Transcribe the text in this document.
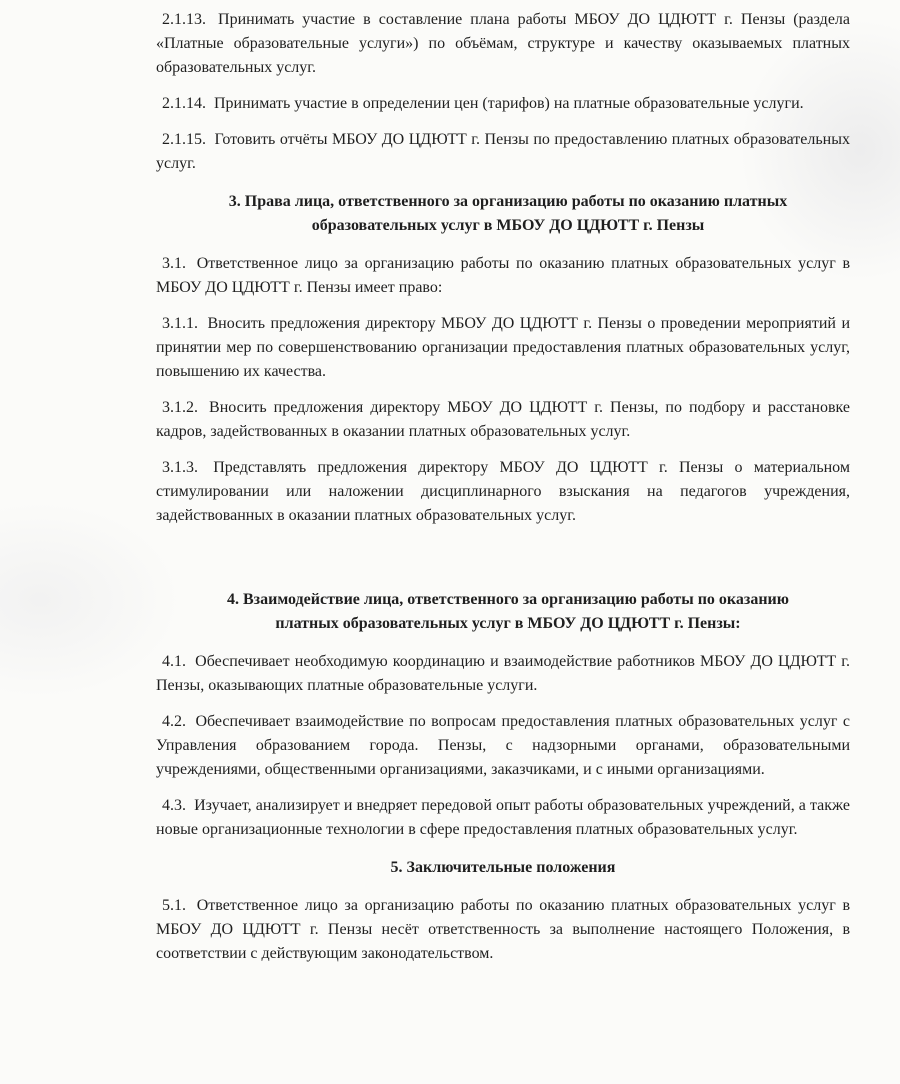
2.1.13. Принимать участие в составление плана работы МБОУ ДО ЦДЮТТ г. Пензы (раздела «Платные образовательные услуги») по объёмам, структуре и качеству оказываемых платных образовательных услуг.

2.1.14. Принимать участие в определении цен (тарифов) на платные образовательные услуги.

2.1.15. Готовить отчёты МБОУ ДО ЦДЮТТ г. Пензы по предоставлению платных образовательных услуг.

3. Права лица, ответственного за организацию работы по оказанию платных
образовательных услуг в МБОУ ДО ЦДЮТТ г. Пензы

3.1. Ответственное лицо за организацию работы по оказанию платных образовательных услуг в МБОУ ДО ЦДЮТТ г. Пензы имеет право:

3.1.1. Вносить предложения директору МБОУ ДО ЦДЮТТ г. Пензы о проведении мероприятий и принятии мер по совершенствованию организации предоставления платных образовательных услуг, повышению их качества.

3.1.2. Вносить предложения директору МБОУ ДО ЦДЮТТ г. Пензы, по подбору и расстановке кадров, задействованных в оказании платных образовательных услуг.

3.1.3. Представлять предложения директору МБОУ ДО ЦДЮТТ г. Пензы о материальном стимулировании или наложении дисциплинарного взыскания на педагогов учреждения, задействованных в оказании платных образовательных услуг.

4. Взаимодействие лица, ответственного за организацию работы по оказанию
платных образовательных услуг в МБОУ ДО ЦДЮТТ г. Пензы:

4.1. Обеспечивает необходимую координацию и взаимодействие работников МБОУ ДО ЦДЮТТ г. Пензы, оказывающих платные образовательные услуги.

4.2. Обеспечивает взаимодействие по вопросам предоставления платных образовательных услуг с Управления образованием города. Пензы, с надзорными органами, образовательными учреждениями, общественными организациями, заказчиками, и с иными организациями.

4.3. Изучает, анализирует и внедряет передовой опыт работы образовательных учреждений, а также новые организационные технологии в сфере предоставления платных образовательных услуг.

5. Заключительные положения

5.1. Ответственное лицо за организацию работы по оказанию платных образовательных услуг в МБОУ ДО ЦДЮТТ г. Пензы несёт ответственность за выполнение настоящего Положения, в соответствии с действующим законодательством.
